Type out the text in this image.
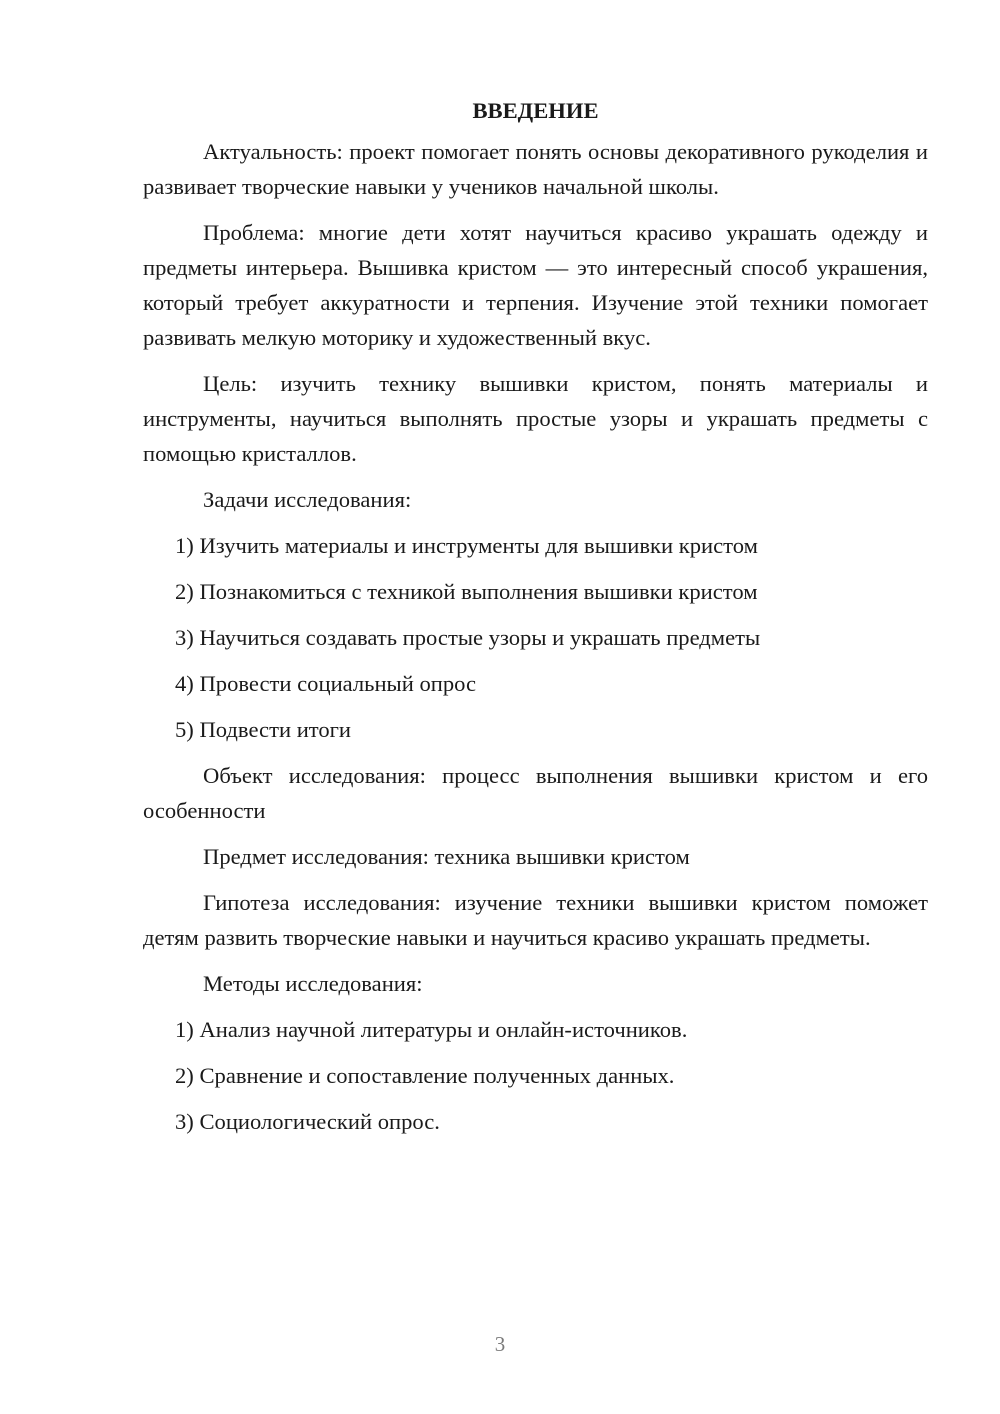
ВВЕДЕНИЕ

Актуальность: проект помогает понять основы декоративного рукоделия и развивает творческие навыки у учеников начальной школы.

Проблема: многие дети хотят научиться красиво украшать одежду и предметы интерьера. Вышивка кристом — это интересный способ украшения, который требует аккуратности и терпения. Изучение этой техники помогает развивать мелкую моторику и художественный вкус.

Цель: изучить технику вышивки кристом, понять материалы и инструменты, научиться выполнять простые узоры и украшать предметы с помощью кристаллов.

Задачи исследования:

1) Изучить материалы и инструменты для вышивки кристом
2) Познакомиться с техникой выполнения вышивки кристом
3) Научиться создавать простые узоры и украшать предметы
4) Провести социальный опрос
5) Подвести итоги

Объект исследования: процесс выполнения вышивки кристом и его особенности

Предмет исследования: техника вышивки кристом

Гипотеза исследования: изучение техники вышивки кристом поможет детям развить творческие навыки и научиться красиво украшать предметы.

Методы исследования:

1) Анализ научной литературы и онлайн-источников.
2) Сравнение и сопоставление полученных данных.
3) Социологический опрос.
3
